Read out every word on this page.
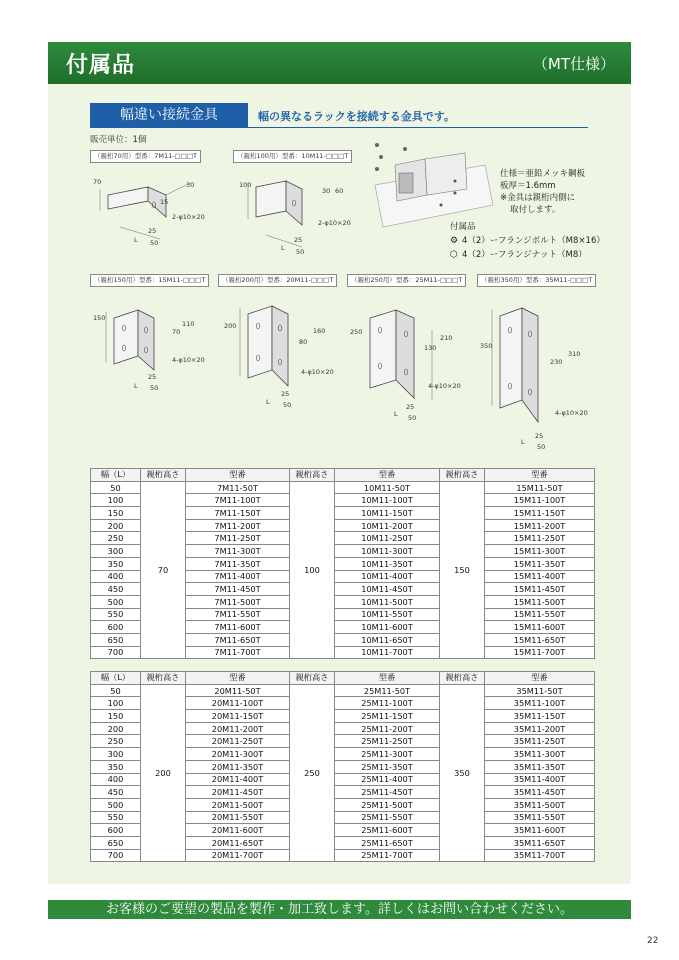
付属品	（MT仕様）
幅違い接続金具	幅の異なるラックを接続する金具です。
販売単位：1個
（親桁70用）型番：7M11-□□□T
70	30
15
2-φ10×20
25
50
L
（親桁100用）型番：10M11-□□□T
100
30 60
2-φ10×20
25
50
L
仕様＝亜鉛メッキ鋼板
板厚＝1.6mm
※金具は親桁内側に
取付します。
付属品
⚙ 4（2）ーフランジボルト（M8×16）
⬡ 4（2）ーフランジナット（M8）
（親桁150用）型番：15M11-□□□T
150
110
70
4-φ10×20
25
50
L
（親桁200用）型番：20M11-□□□T
200
160
80
4-φ10×20
25
50
L
（親桁250用）型番：25M11-□□□T
250
210
130
4-φ10×20
25
50
L
（親桁350用）型番：35M11-□□□T
350
310
230
4-φ10×20
25
50
L
幅（L）	親桁高さ	型番	親桁高さ	型番	親桁高さ	型番
50	70	7M11-50T	100	10M11-50T	150	15M11-50T
100		7M11-100T		10M11-100T		15M11-100T
150		7M11-150T		10M11-150T		15M11-150T
200		7M11-200T		10M11-200T		15M11-200T
250		7M11-250T		10M11-250T		15M11-250T
300		7M11-300T		10M11-300T		15M11-300T
350		7M11-350T		10M11-350T		15M11-350T
400		7M11-400T		10M11-400T		15M11-400T
450		7M11-450T		10M11-450T		15M11-450T
500		7M11-500T		10M11-500T		15M11-500T
550		7M11-550T		10M11-550T		15M11-550T
600		7M11-600T		10M11-600T		15M11-600T
650		7M11-650T		10M11-650T		15M11-650T
700		7M11-700T		10M11-700T		15M11-700T
幅（L）	親桁高さ	型番	親桁高さ	型番	親桁高さ	型番
50	200	20M11-50T	250	25M11-50T	350	35M11-50T
100		20M11-100T		25M11-100T		35M11-100T
150		20M11-150T		25M11-150T		35M11-150T
200		20M11-200T		25M11-200T		35M11-200T
250		20M11-250T		25M11-250T		35M11-250T
300		20M11-300T		25M11-300T		35M11-300T
350		20M11-350T		25M11-350T		35M11-350T
400		20M11-400T		25M11-400T		35M11-400T
450		20M11-450T		25M11-450T		35M11-450T
500		20M11-500T		25M11-500T		35M11-500T
550		20M11-550T		25M11-550T		35M11-550T
600		20M11-600T		25M11-600T		35M11-600T
650		20M11-650T		25M11-650T		35M11-650T
700		20M11-700T		25M11-700T		35M11-700T
お客様のご要望の製品を製作・加工致します。詳しくはお問い合わせください。
22
